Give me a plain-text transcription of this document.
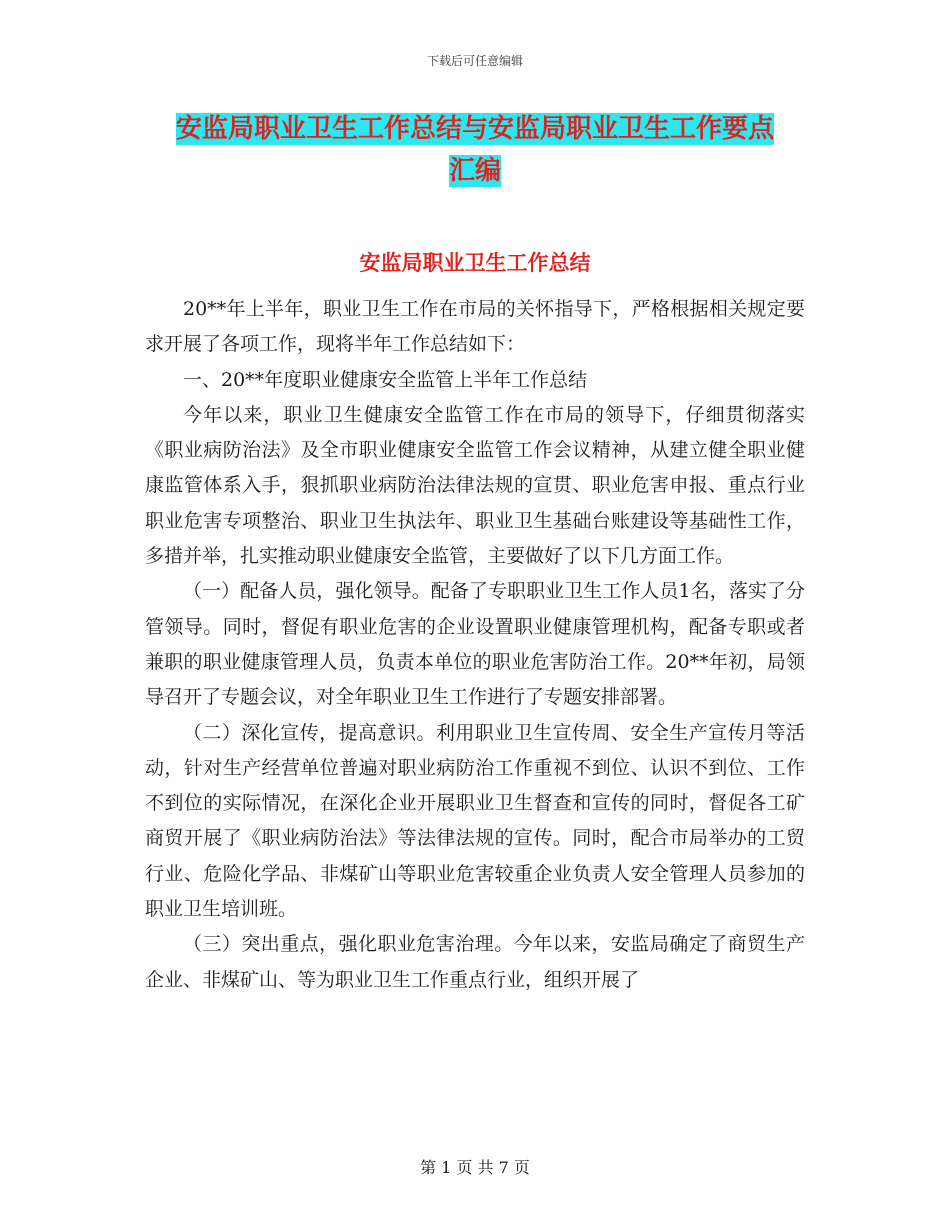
下载后可任意编辑
安监局职业卫生工作总结与安监局职业卫生工作要点
汇编
安监局职业卫生工作总结

20**年上半年，职业卫生工作在市局的关怀指导下，严格根据相关规定要求开展了各项工作，现将半年工作总结如下：

一、20**年度职业健康安全监管上半年工作总结

今年以来，职业卫生健康安全监管工作在市局的领导下，仔细贯彻落实《职业病防治法》及全市职业健康安全监管工作会议精神，从建立健全职业健康监管体系入手，狠抓职业病防治法律法规的宣贯、职业危害申报、重点行业职业危害专项整治、职业卫生执法年、职业卫生基础台账建设等基础性工作，多措并举，扎实推动职业健康安全监管，主要做好了以下几方面工作。

（一）配备人员，强化领导。配备了专职职业卫生工作人员1名，落实了分管领导。同时，督促有职业危害的企业设置职业健康管理机构，配备专职或者兼职的职业健康管理人员，负责本单位的职业危害防治工作。20**年初，局领导召开了专题会议，对全年职业卫生工作进行了专题安排部署。

（二）深化宣传，提高意识。利用职业卫生宣传周、安全生产宣传月等活动，针对生产经营单位普遍对职业病防治工作重视不到位、认识不到位、工作不到位的实际情况，在深化企业开展职业卫生督查和宣传的同时，督促各工矿商贸开展了《职业病防治法》等法律法规的宣传。同时，配合市局举办的工贸行业、危险化学品、非煤矿山等职业危害较重企业负责人安全管理人员参加的职业卫生培训班。

（三）突出重点，强化职业危害治理。今年以来，安监局确定了商贸生产企业、非煤矿山、等为职业卫生工作重点行业，组织开展了

第 1 页 共 7 页
